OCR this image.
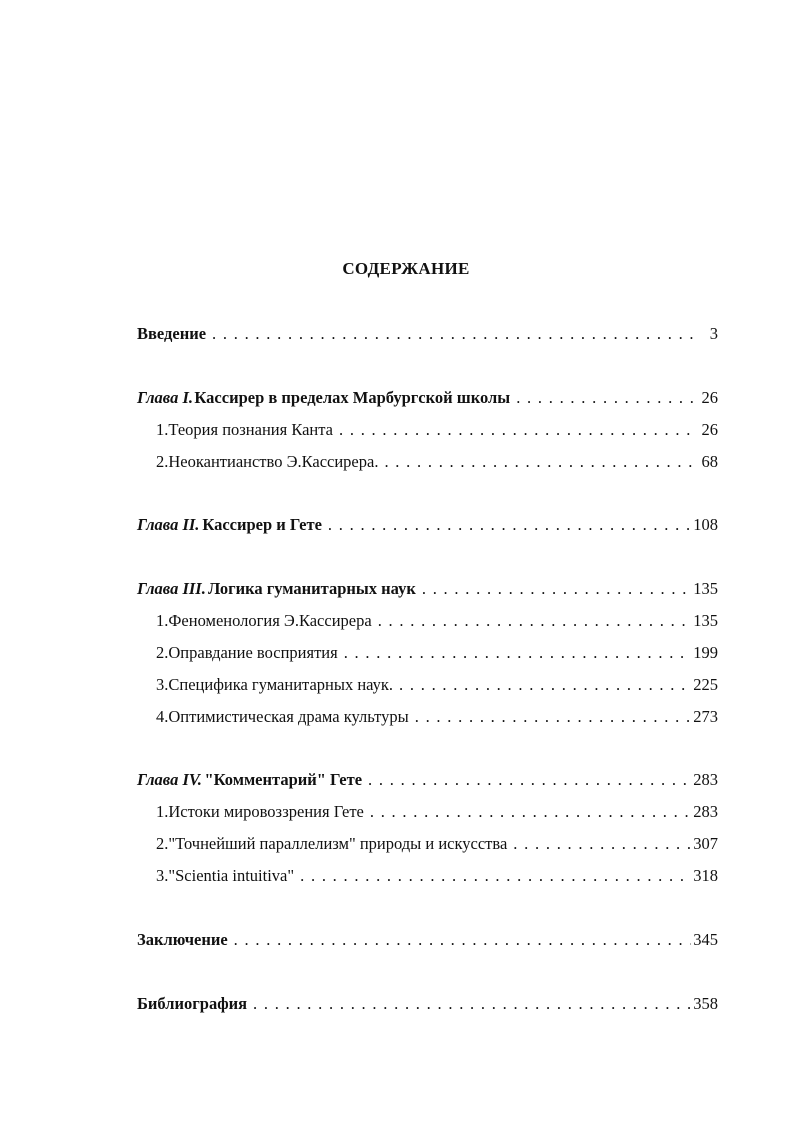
СОДЕРЖАНИЕ
Введение . . .	3
Глава I. Кассирер в пределах Марбургской школы . . .	26
1. Теория познания Канта . . .	26
2. Неокантианство Э.Кассирера. . . .	68
Глава II. Кассирер и Гете . . .	108
Глава III. Логика гуманитарных наук . . .	135
1. Феноменология Э.Кассирера . . .	135
2. Оправдание восприятия . . .	199
3. Специфика гуманитарных наук. . . .	225
4. Оптимистическая драма культуры . . .	273
Глава IV. "Комментарий" Гете . . .	283
1. Истоки мировоззрения Гете . . .	283
2. "Точнейший параллелизм" природы и искусства . . .	307
3. "Scientia intuitiva" . . .	318
Заключение . . .	345
Библиография . . .	358
